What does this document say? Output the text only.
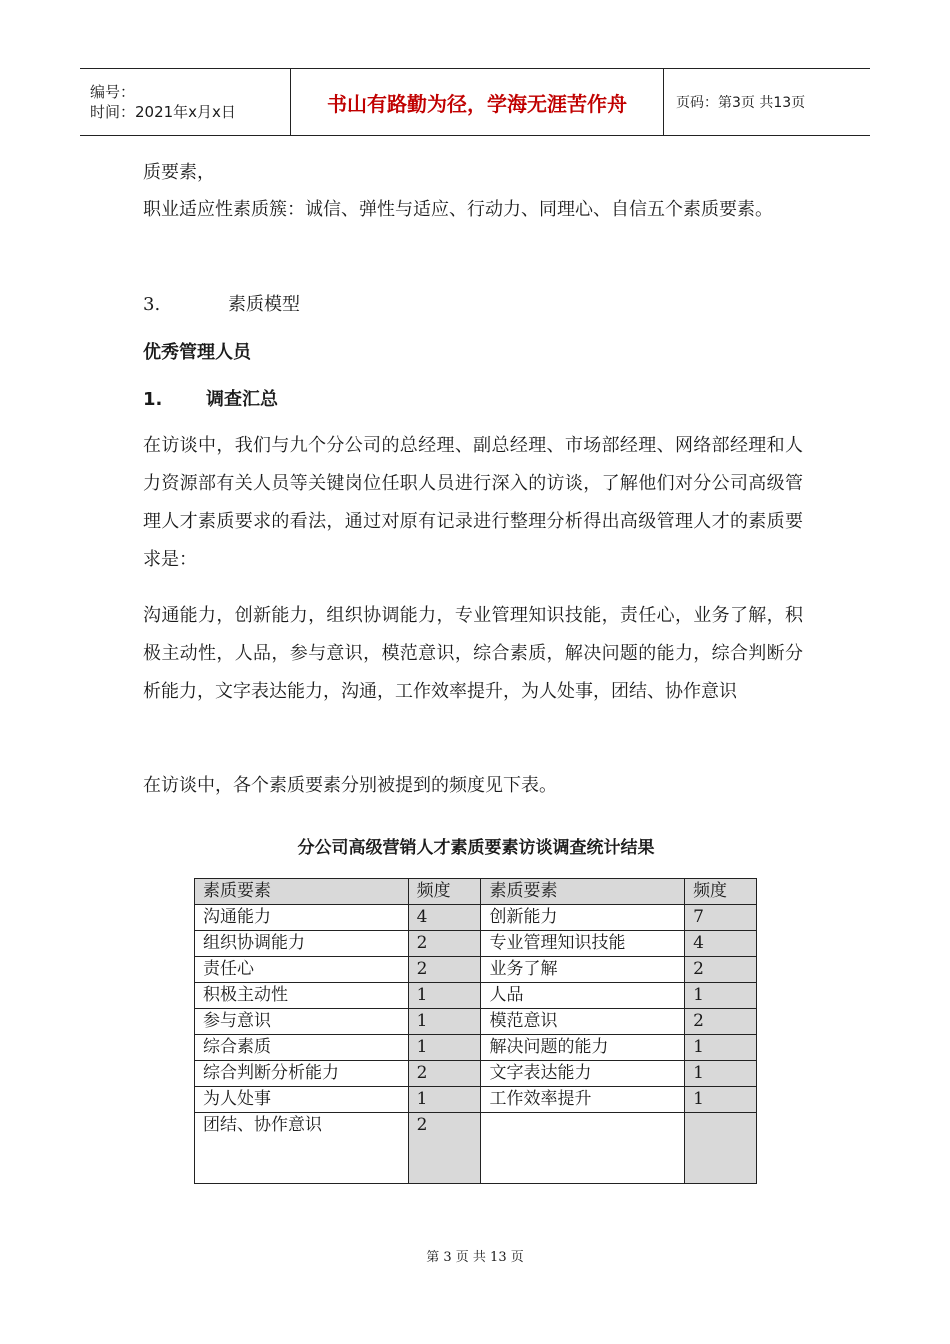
编号：
时间：2021年x月x日	书山有路勤为径，学海无涯苦作舟	页码：第3页 共13页

质要素，

职业适应性素质簇：诚信、弹性与适应、行动力、同理心、自信五个素质要素。

3.	素质模型
优秀管理人员
1. 调查汇总

在访谈中，我们与九个分公司的总经理、副总经理、市场部经理、网络部经理和人力资源部有关人员等关键岗位任职人员进行深入的访谈，了解他们对分公司高级管理人才素质要求的看法，通过对原有记录进行整理分析得出高级管理人才的素质要求是：

沟通能力，创新能力，组织协调能力，专业管理知识技能，责任心，业务了解，积极主动性，人品，参与意识，模范意识，综合素质，解决问题的能力，综合判断分析能力，文字表达能力，沟通，工作效率提升，为人处事，团结、协作意识

在访谈中，各个素质要素分别被提到的频度见下表。

分公司高级营销人才素质要素访谈调查统计结果
素质要素	频度	素质要素	频度
沟通能力	4	创新能力	7
组织协调能力	2	专业管理知识技能	4
责任心	2	业务了解	2
积极主动性	1	人品	1
参与意识	1	模范意识	2
综合素质	1	解决问题的能力	1
综合判断分析能力	2	文字表达能力	1
为人处事	1	工作效率提升	1
团结、协作意识	2		
第 3 页 共 13 页
